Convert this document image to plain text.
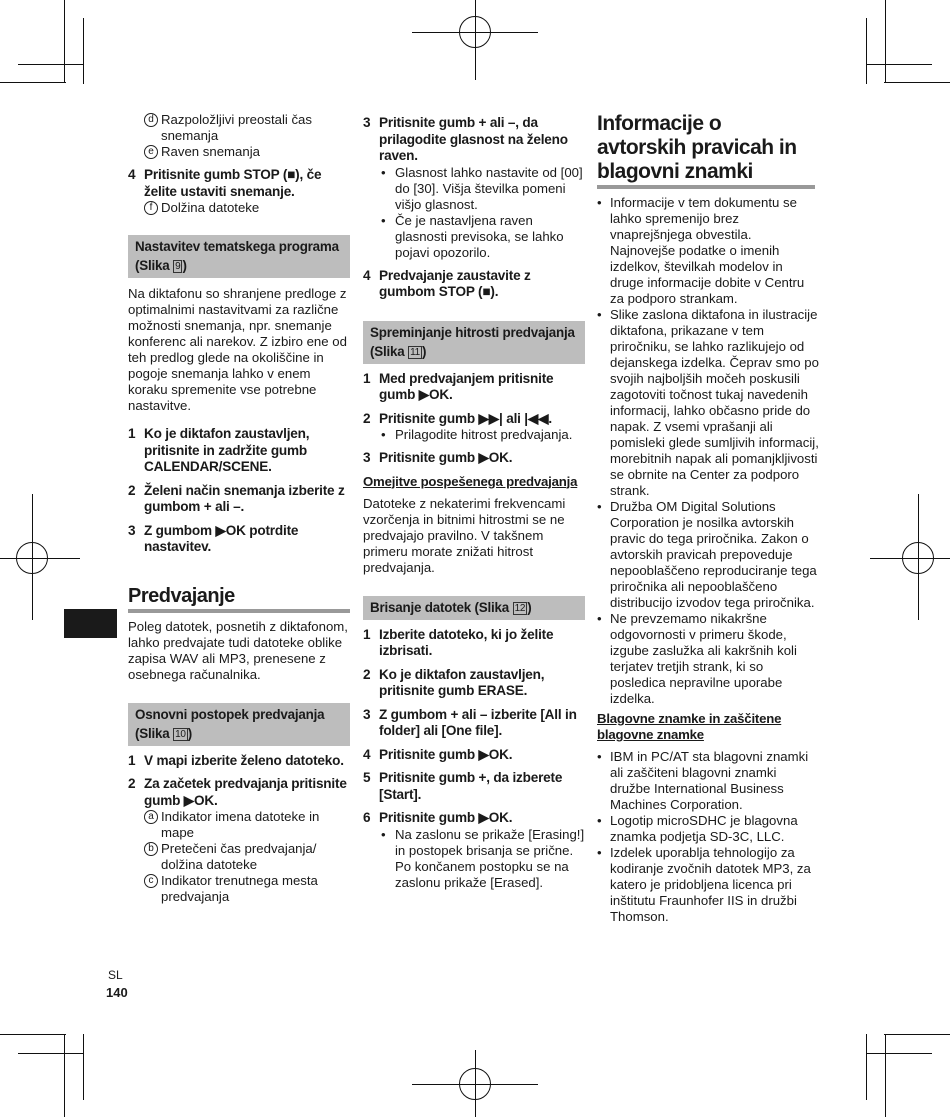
d Razpoložljivi preostali čas snemanja
e Raven snemanja
4 Pritisnite gumb STOP (■), če želite ustaviti snemanje.
f Dolžina datoteke
Nastavitev tematskega programa (Slika 9 )

Na diktafonu so shranjene predloge z optimalnimi nastavitvami za različne možnosti snemanja, npr. snemanje konferenc ali narekov. Z izbiro ene od teh predlog glede na okoliščine in pogoje snemanja lahko v enem koraku spremenite vse potrebne nastavitve.

1 Ko je diktafon zaustavljen, pritisnite in zadržite gumb CALENDAR/SCENE.
2 Želeni način snemanja izberite z gumbom + ali –.
3 Z gumbom ▶OK potrdite nastavitev.
Predvajanje

Poleg datotek, posnetih z diktafonom, lahko predvajate tudi datoteke oblike zapisa WAV ali MP3, prenesene z osebnega računalnika.

Osnovni postopek predvajanja (Slika 10 )
1 V mapi izberite želeno datoteko.
2 Za začetek predvajanja pritisnite gumb ▶OK.
a Indikator imena datoteke in mape
b Pretečeni čas predvajanja/ dolžina datoteke
c Indikator trenutnega mesta predvajanja
3 Pritisnite gumb + ali –, da prilagodite glasnost na želeno raven.
• Glasnost lahko nastavite od [00] do [30]. Višja številka pomeni višjo glasnost.
• Če je nastavljena raven glasnosti previsoka, se lahko pojavi opozorilo.
4 Predvajanje zaustavite z gumbom STOP (■).
Spreminjanje hitrosti predvajanja (Slika 11 )
1 Med predvajanjem pritisnite gumb ▶OK.
2 Pritisnite gumb ▶▶| ali |◀◀.
• Prilagodite hitrost predvajanja.
3 Pritisnite gumb ▶OK.
Omejitve pospešenega predvajanja

Datoteke z nekaterimi frekvencami vzorčenja in bitnimi hitrostmi se ne predvajajo pravilno. V takšnem primeru morate znižati hitrost predvajanja.

Brisanje datotek (Slika 12 )
1 Izberite datoteko, ki jo želite izbrisati.
2 Ko je diktafon zaustavljen, pritisnite gumb ERASE.
3 Z gumbom + ali – izberite [All in folder] ali [One file].
4 Pritisnite gumb ▶OK.
5 Pritisnite gumb +, da izberete [Start].
6 Pritisnite gumb ▶OK.
• Na zaslonu se prikaže [Erasing!] in postopek brisanja se prične. Po končanem postopku se na zaslonu prikaže [Erased].
Informacije o avtorskih pravicah in blagovni znamki
• Informacije v tem dokumentu se lahko spremenijo brez vnaprejšnjega obvestila. Najnovejše podatke o imenih izdelkov, številkah modelov in druge informacije dobite v Centru za podporo strankam.
• Slike zaslona diktafona in ilustracije diktafona, prikazane v tem priročniku, se lahko razlikujejo od dejanskega izdelka. Čeprav smo po svojih najboljših močeh poskusili zagotoviti točnost tukaj navedenih informacij, lahko občasno pride do napak. Z vsemi vprašanji ali pomisleki glede sumljivih informacij, morebitnih napak ali pomanjkljivosti se obrnite na Center za podporo strank.
• Družba OM Digital Solutions Corporation je nosilka avtorskih pravic do tega priročnika. Zakon o avtorskih pravicah prepoveduje nepooblaščeno reproduciranje tega priročnika ali nepooblaščeno distribucijo izvodov tega priročnika.
• Ne prevzemamo nikakršne odgovornosti v primeru škode, izgube zaslužka ali kakršnih koli terjatev tretjih strank, ki so posledica nepravilne uporabe izdelka.
Blagovne znamke in zaščitene blagovne znamke
• IBM in PC/AT sta blagovni znamki ali zaščiteni blagovni znamki družbe International Business Machines Corporation.
• Logotip microSDHC je blagovna znamka podjetja SD-3C, LLC.
• Izdelek uporablja tehnologijo za kodiranje zvočnih datotek MP3, za katero je pridobljena licenca pri inštitutu Fraunhofer IIS in družbi Thomson.
SL
140
